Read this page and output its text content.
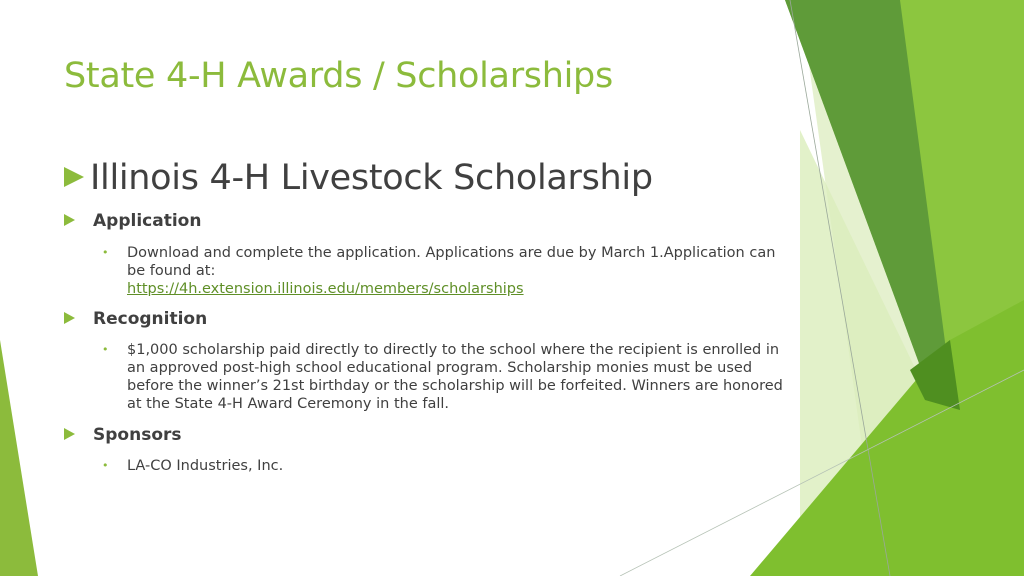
State 4-H Awards / Scholarships
Illinois 4-H Livestock Scholarship
Application
• Download and complete the application. Applications are due by March 1.Application can be found at:
https://4h.extension.illinois.edu/members/scholarships
Recognition
• $1,000 scholarship paid directly to directly to the school where the recipient is enrolled in an approved post-high school educational program. Scholarship monies must be used before the winner’s 21st birthday or the scholarship will be forfeited. Winners are honored at the State 4-H Award Ceremony in the fall.
Sponsors
• LA-CO Industries, Inc.
